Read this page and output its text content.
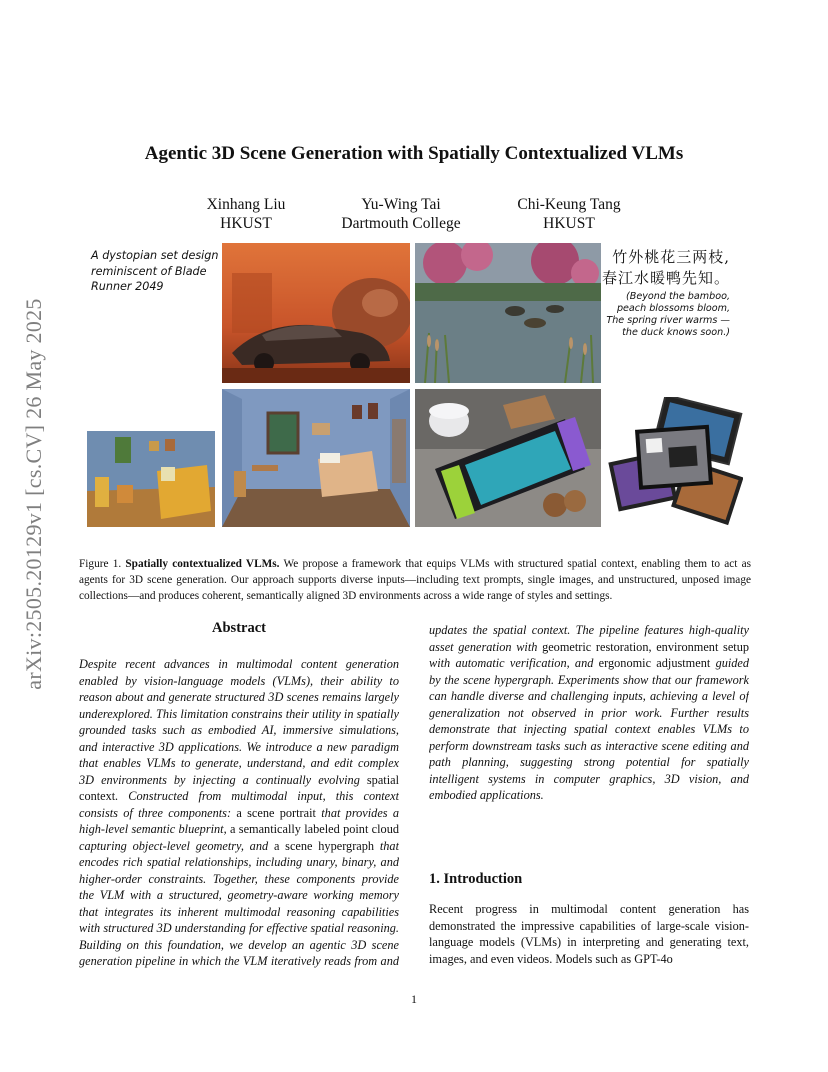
arXiv:2505.20129v1 [cs.CV] 26 May 2025
Agentic 3D Scene Generation with Spatially Contextualized VLMs
Xinhang Liu
HKUST
Yu-Wing Tai
Dartmouth College
Chi-Keung Tang
HKUST
A dystopian set design reminiscent of Blade Runner 2049
竹外桃花三两枝,
春江水暖鸭先知。
(Beyond the bamboo, peach blossoms bloom, The spring river warms — the duck knows soon.)
Figure 1. Spatially contextualized VLMs. We propose a framework that equips VLMs with structured spatial context, enabling them to act as agents for 3D scene generation. Our approach supports diverse inputs—including text prompts, single images, and unstructured, unposed image collections—and produces coherent, semantically aligned 3D environments across a wide range of styles and settings.
Abstract
Despite recent advances in multimodal content generation enabled by vision-language models (VLMs), their ability to reason about and generate structured 3D scenes remains largely underexplored. This limitation constrains their utility in spatially grounded tasks such as embodied AI, immersive simulations, and interactive 3D applications. We introduce a new paradigm that enables VLMs to generate, understand, and edit complex 3D environments by injecting a continually evolving spatial context. Constructed from multimodal input, this context consists of three components: a scene portrait that provides a high-level semantic blueprint, a semantically labeled point cloud capturing object-level geometry, and a scene hypergraph that encodes rich spatial relationships, including unary, binary, and higher-order constraints. Together, these components provide the VLM with a structured, geometry-aware working memory that integrates its inherent multimodal reasoning capabilities with structured 3D understanding for effective spatial reasoning. Building on this foundation, we develop an agentic 3D scene generation pipeline in which the VLM iteratively reads from and
updates the spatial context. The pipeline features high-quality asset generation with geometric restoration, environment setup with automatic verification, and ergonomic adjustment guided by the scene hypergraph. Experiments show that our framework can handle diverse and challenging inputs, achieving a level of generalization not observed in prior work. Further results demonstrate that injecting spatial context enables VLMs to perform downstream tasks such as interactive scene editing and path planning, suggesting strong potential for spatially intelligent systems in computer graphics, 3D vision, and embodied applications.
1. Introduction
Recent progress in multimodal content generation has demonstrated the impressive capabilities of large-scale vision-language models (VLMs) in interpreting and generating text, images, and even videos. Models such as GPT-4o
1
